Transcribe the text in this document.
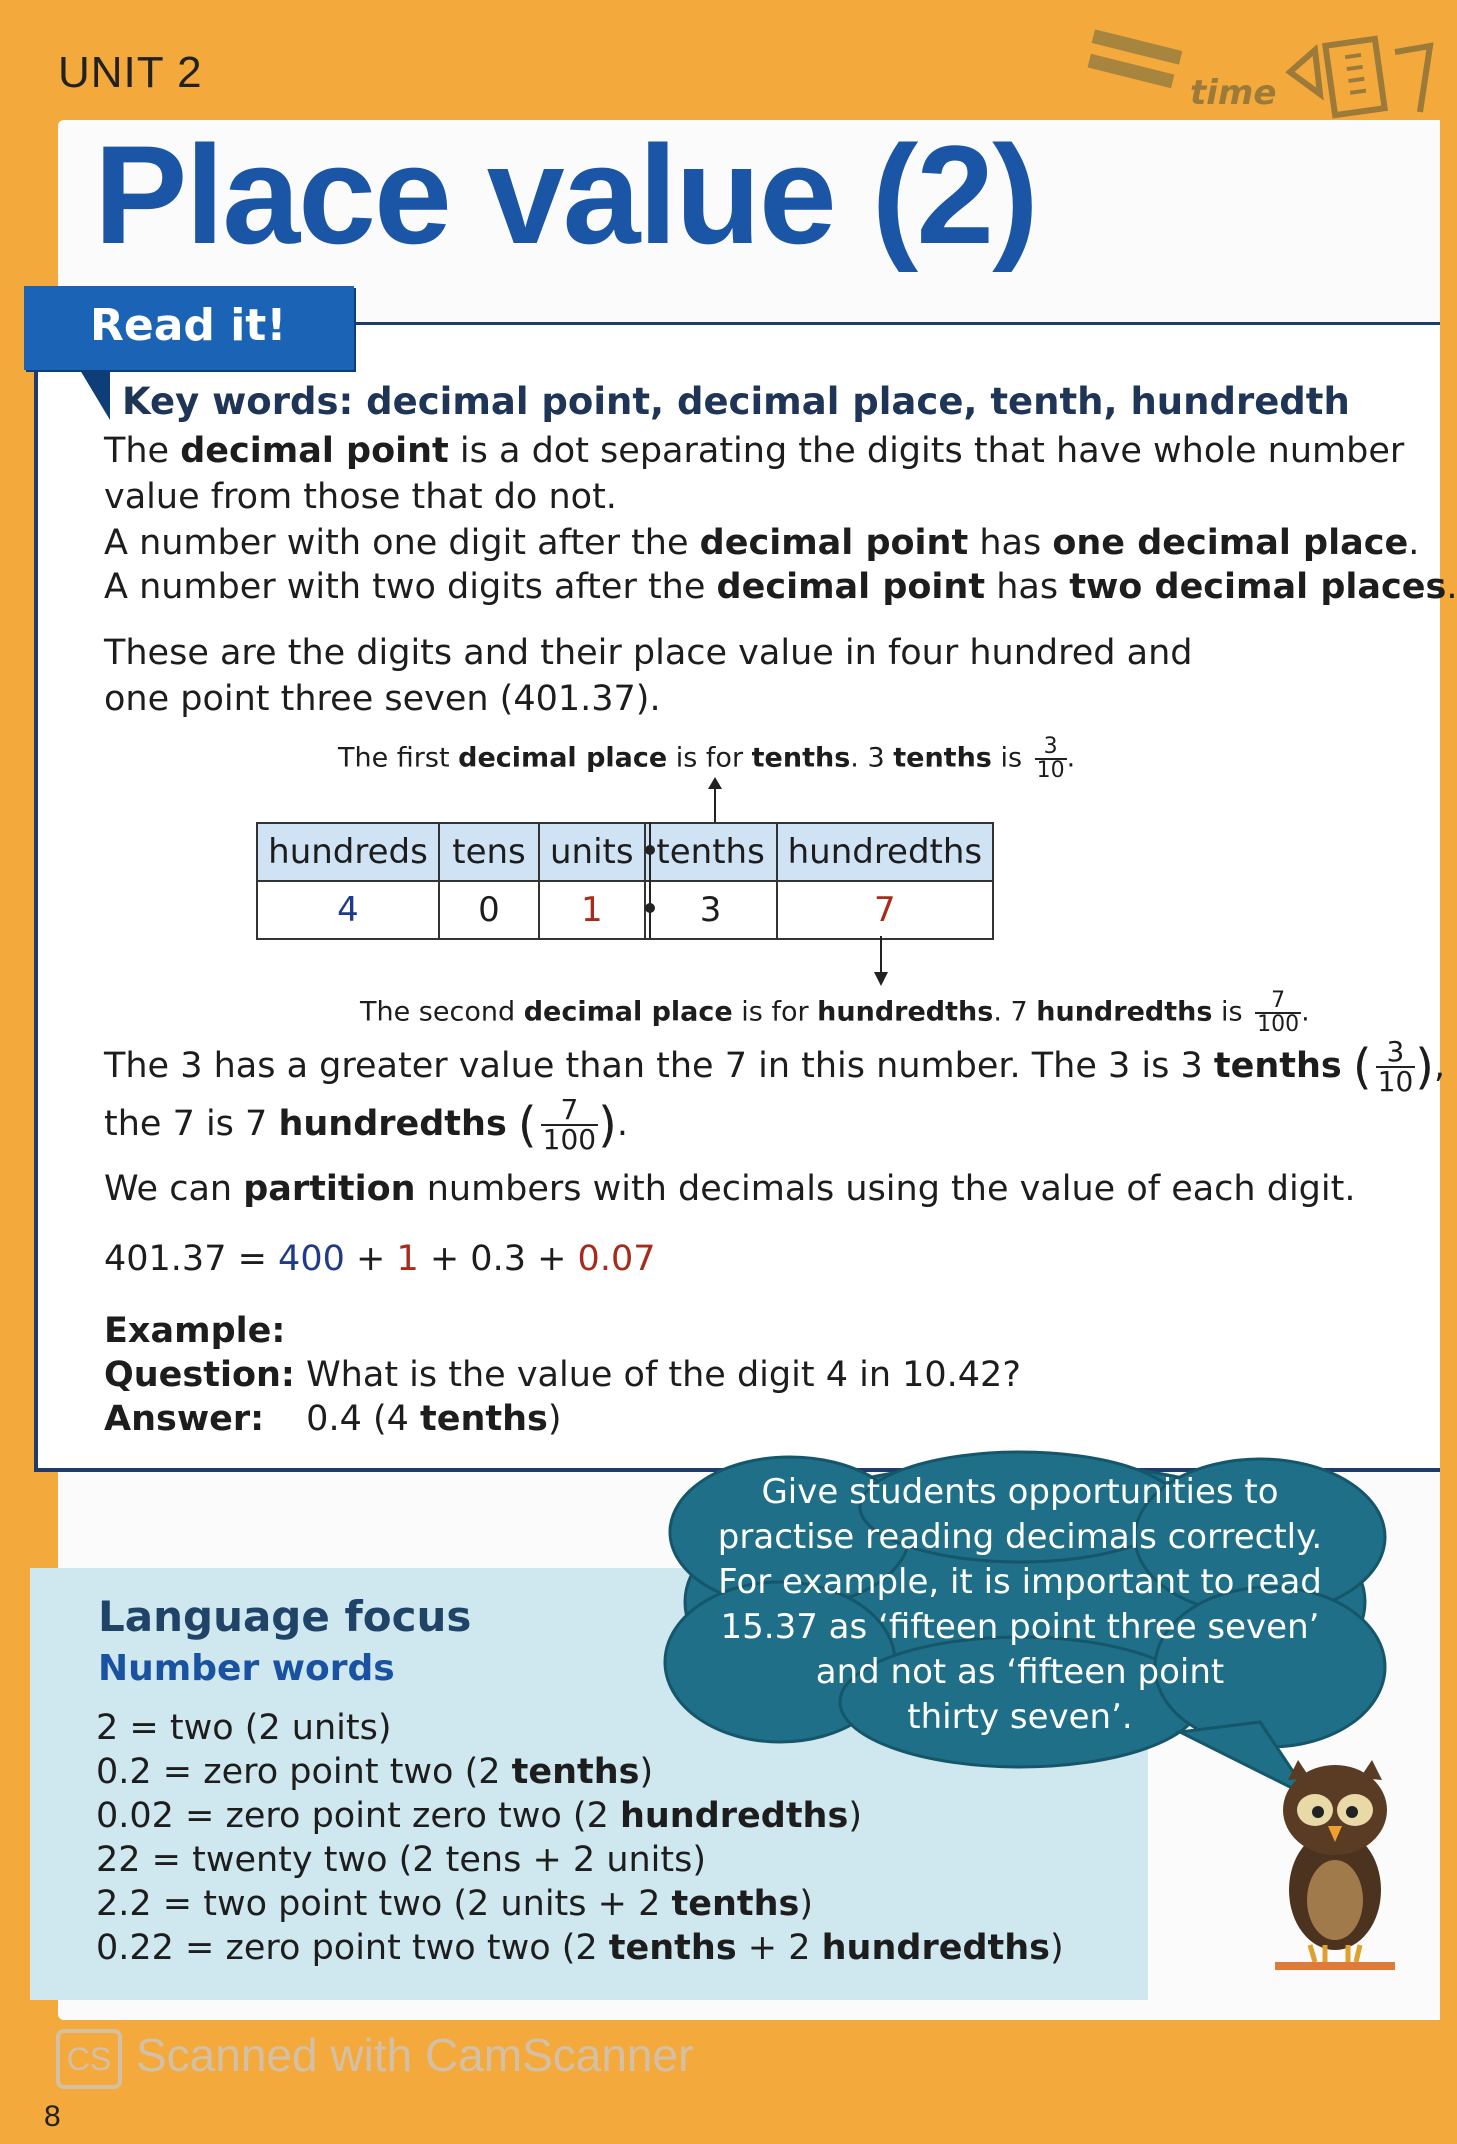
UNIT 2	time
Place value (2)
Read it!
Key words: decimal point, decimal place, tenth, hundredth
The decimal point is a dot separating the digits that have whole number
value from those that do not.
A number with one digit after the decimal point has one decimal place.
A number with two digits after the decimal point has two decimal places.
These are the digits and their place value in four hundred and
one point three seven (401.37).
The first decimal place is for tenths. 3 tenths is $\frac{3}{10}$ .
hundreds	tens	units	tenths	hundredths
4	0	1	3	7
The second decimal place is for hundredths. 7 hundredths is $\frac{7}{100}$ .
The 3 has a greater value than the 7 in this number. The 3 is 3 tenths ( $\frac{3}{10}$ ),
the 7 is 7 hundredths ( $\frac{7}{100}$ ).
We can partition numbers with decimals using the value of each digit.
401.37 = 400 + 1 + 0.3 + 0.07
Example:
Question: What is the value of the digit 4 in 10.42?
Answer: 0.4 (4 tenths)
Language focus
Number words
2 = two (2 units)
0.2 = zero point two (2 tenths)
0.02 = zero point zero two (2 hundredths)
22 = twenty two (2 tens + 2 units)
2.2 = two point two (2 units + 2 tenths)
0.22 = zero point two two (2 tenths + 2 hundredths)
Give students opportunities to
practise reading decimals correctly.
For example, it is important to read
15.37 as ‘fifteen point three seven’
and not as ‘fifteen point
thirty seven’.
CS Scanned with CamScanner
8
